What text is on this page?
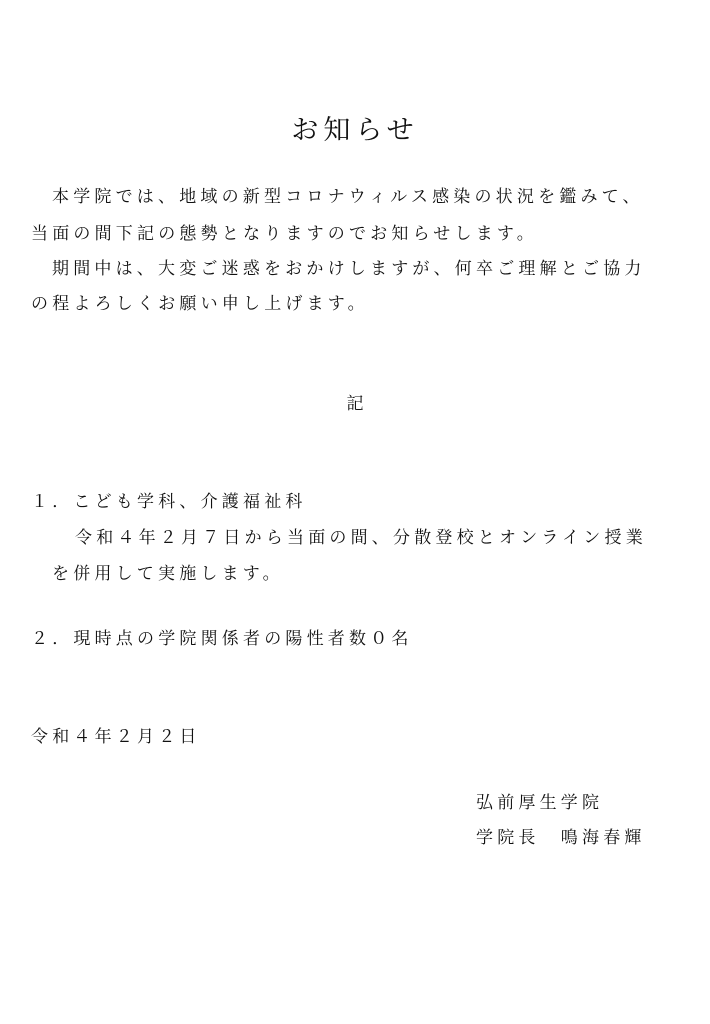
お知らせ
本学院では、地域の新型コロナウィルス感染の状況を鑑みて、
当面の間下記の態勢となりますのでお知らせします。
期間中は、大変ご迷惑をおかけしますが、何卒ご理解とご協力
の程よろしくお願い申し上げます。
記
１．こども学科、介護福祉科
令和４年２月７日から当面の間、分散登校とオンライン授業
を併用して実施します。
２．現時点の学院関係者の陽性者数０名
令和４年２月２日
弘前厚生学院
学院長　鳴海春輝
